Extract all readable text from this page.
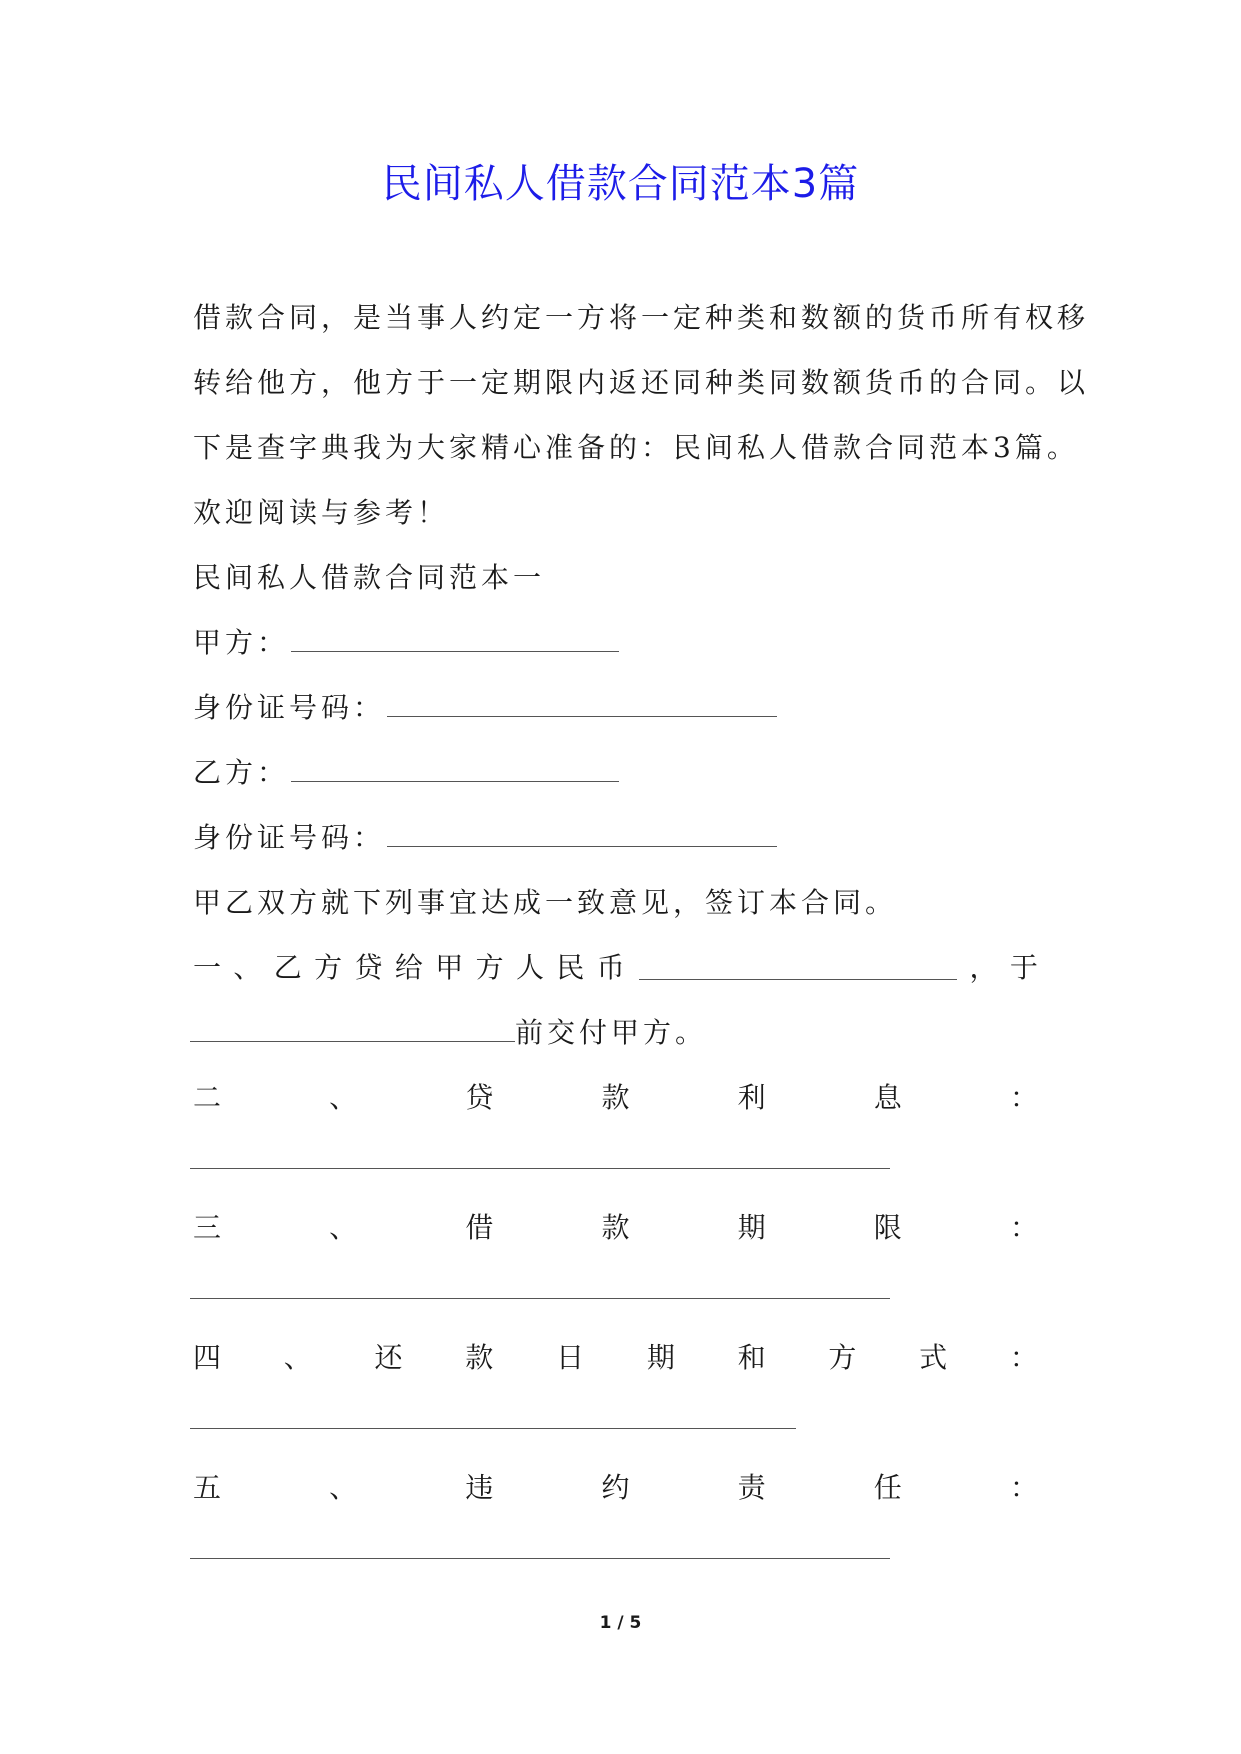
民间私人借款合同范本3篇
借款合同，是当事人约定一方将一定种类和数额的货币所有权移
转给他方，他方于一定期限内返还同种类同数额货币的合同。以
下是查字典我为大家精心准备的：民间私人借款合同范本3篇。
欢迎阅读与参考！
民间私人借款合同范本一
甲方：
身份证号码：
乙方：
身份证号码：
甲乙双方就下列事宜达成一致意见，签订本合同。
一 、 乙 方 贷 给 甲 方 人 民 币	， 于
前交付甲方。
二	、	贷	款	利	息	：
三	、	借	款	期	限	：
四 、 还 款 日 期 和 方 式 ：
五	、	违	约	责	任	：
1 / 5
